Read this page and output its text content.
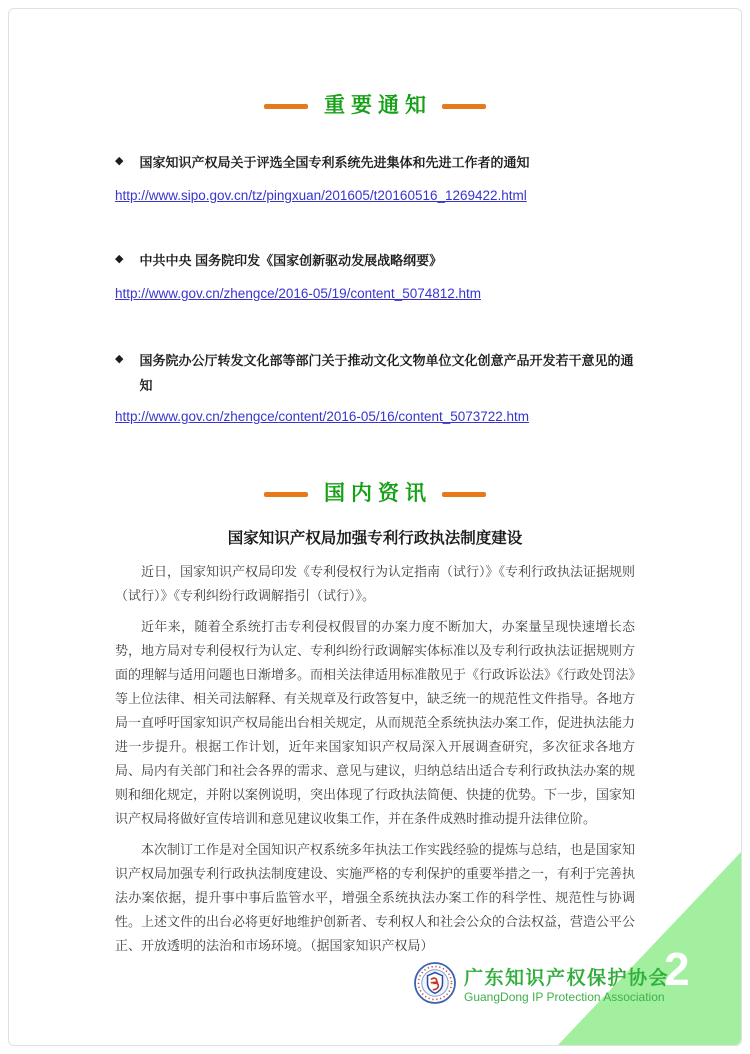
重要通知
◆ 国家知识产权局关于评选全国专利系统先进集体和先进工作者的通知
http://www.sipo.gov.cn/tz/pingxuan/201605/t20160516_1269422.html
◆ 中共中央 国务院印发《国家创新驱动发展战略纲要》
http://www.gov.cn/zhengce/2016-05/19/content_5074812.htm
◆ 国务院办公厅转发文化部等部门关于推动文化文物单位文化创意产品开发若干意见的通知
http://www.gov.cn/zhengce/content/2016-05/16/content_5073722.htm
国内资讯
国家知识产权局加强专利行政执法制度建设

近日，国家知识产权局印发《专利侵权行为认定指南（试行）》《专利行政执法证据规则（试行）》《专利纠纷行政调解指引（试行）》。

近年来，随着全系统打击专利侵权假冒的办案力度不断加大，办案量呈现快速增长态势，地方局对专利侵权行为认定、专利纠纷行政调解实体标准以及专利行政执法证据规则方面的理解与适用问题也日渐增多。而相关法律适用标准散见于《行政诉讼法》《行政处罚法》等上位法律、相关司法解释、有关规章及行政答复中，缺乏统一的规范性文件指导。各地方局一直呼吁国家知识产权局能出台相关规定，从而规范全系统执法办案工作，促进执法能力进一步提升。根据工作计划，近年来国家知识产权局深入开展调查研究，多次征求各地方局、局内有关部门和社会各界的需求、意见与建议，归纳总结出适合专利行政执法办案的规则和细化规定，并附以案例说明，突出体现了行政执法简便、快捷的优势。下一步，国家知识产权局将做好宣传培训和意见建议收集工作，并在条件成熟时推动提升法律位阶。

本次制订工作是对全国知识产权系统多年执法工作实践经验的提炼与总结，也是国家知识产权局加强专利行政执法制度建设、实施严格的专利保护的重要举措之一，有利于完善执法办案依据，提升事中事后监管水平，增强全系统执法办案工作的科学性、规范性与协调性。上述文件的出台必将更好地维护创新者、专利权人和社会公众的合法权益，营造公平公正、开放透明的法治和市场环境。（据国家知识产权局）

广东知识产权保护协会
GuangDong IP Protection Association
2
